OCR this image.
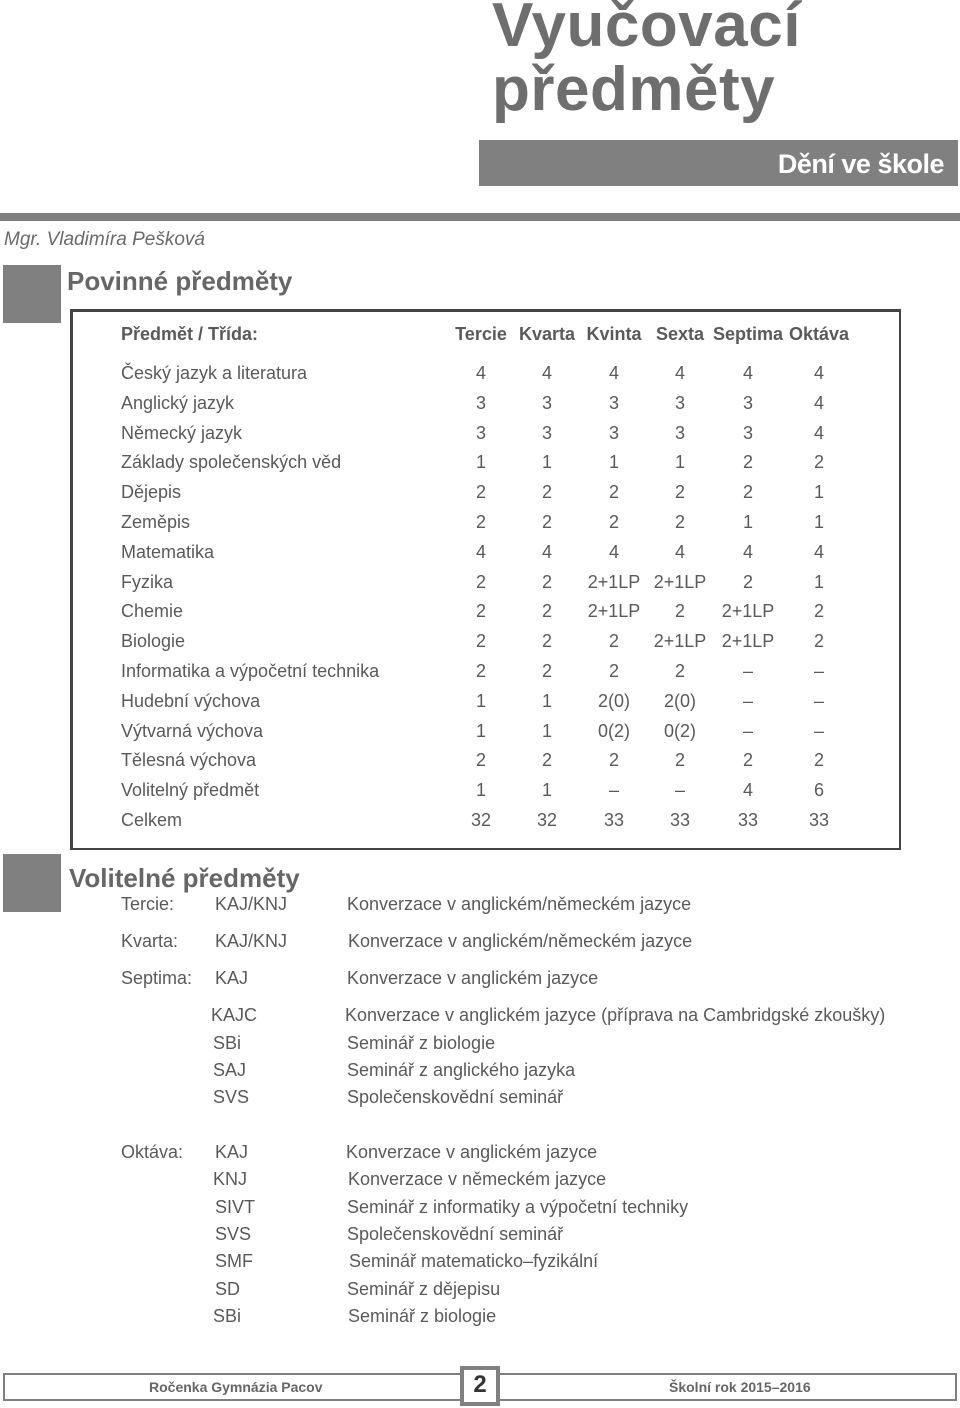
Vyučovací
předměty
Dění ve škole
Mgr. Vladimíra Pešková
Povinné předměty
Předmět / Třída:	Tercie Kvarta Kvinta Sexta Septima Oktáva
Český jazyk a literatura	4	4	4	4	4	4
Anglický jazyk	3	3	3	3	3	4
Německý jazyk	3	3	3	3	3	4
Základy společenských věd	1	1	1	1	2	2
Dějepis	2	2	2	2	2	1
Zeměpis	2	2	2	2	1	1
Matematika	4	4	4	4	4	4
Fyzika	2	2 2+1LP 2+1LP 2	1
Chemie	2	2 2+1LP 2 2+1LP 2
Biologie	2	2	2 2+1LP 2+1LP 2
Informatika a výpočetní technika	2	2	2	2	–	–
Hudební výchova	1	1	2(0) 2(0)	–	–
Výtvarná výchova	1	1	0(2) 0(2)	–	–
Tělesná výchova	2	2	2	2	2	2
Volitelný předmět	1	1	–	–	4	6
Celkem	32	32	33	33	33	33
Volitelné předměty
Tercie: KAJ/KNJ	Konverzace v anglickém/německém jazyce
Kvarta: KAJ/KNJ	Konverzace v anglickém/německém jazyce
Septima: KAJ	Konverzace v anglickém jazyce
KAJC	Konverzace v anglickém jazyce (příprava na Cambridgské zkoušky)
SBi	Seminář z biologie
SAJ	Seminář z anglického jazyka
SVS	Společenskovědní seminář
Oktáva: KAJ	Konverzace v anglickém jazyce
KNJ	Konverzace v německém jazyce
SIVT	Seminář z informatiky a výpočetní techniky
SVS	Společenskovědní seminář
SMF	Seminář matematicko–fyzikální
SD	Seminář z dějepisu
SBi	Seminář z biologie
Ročenka Gymnázia Pacov	Školní rok 2015–2016
2
